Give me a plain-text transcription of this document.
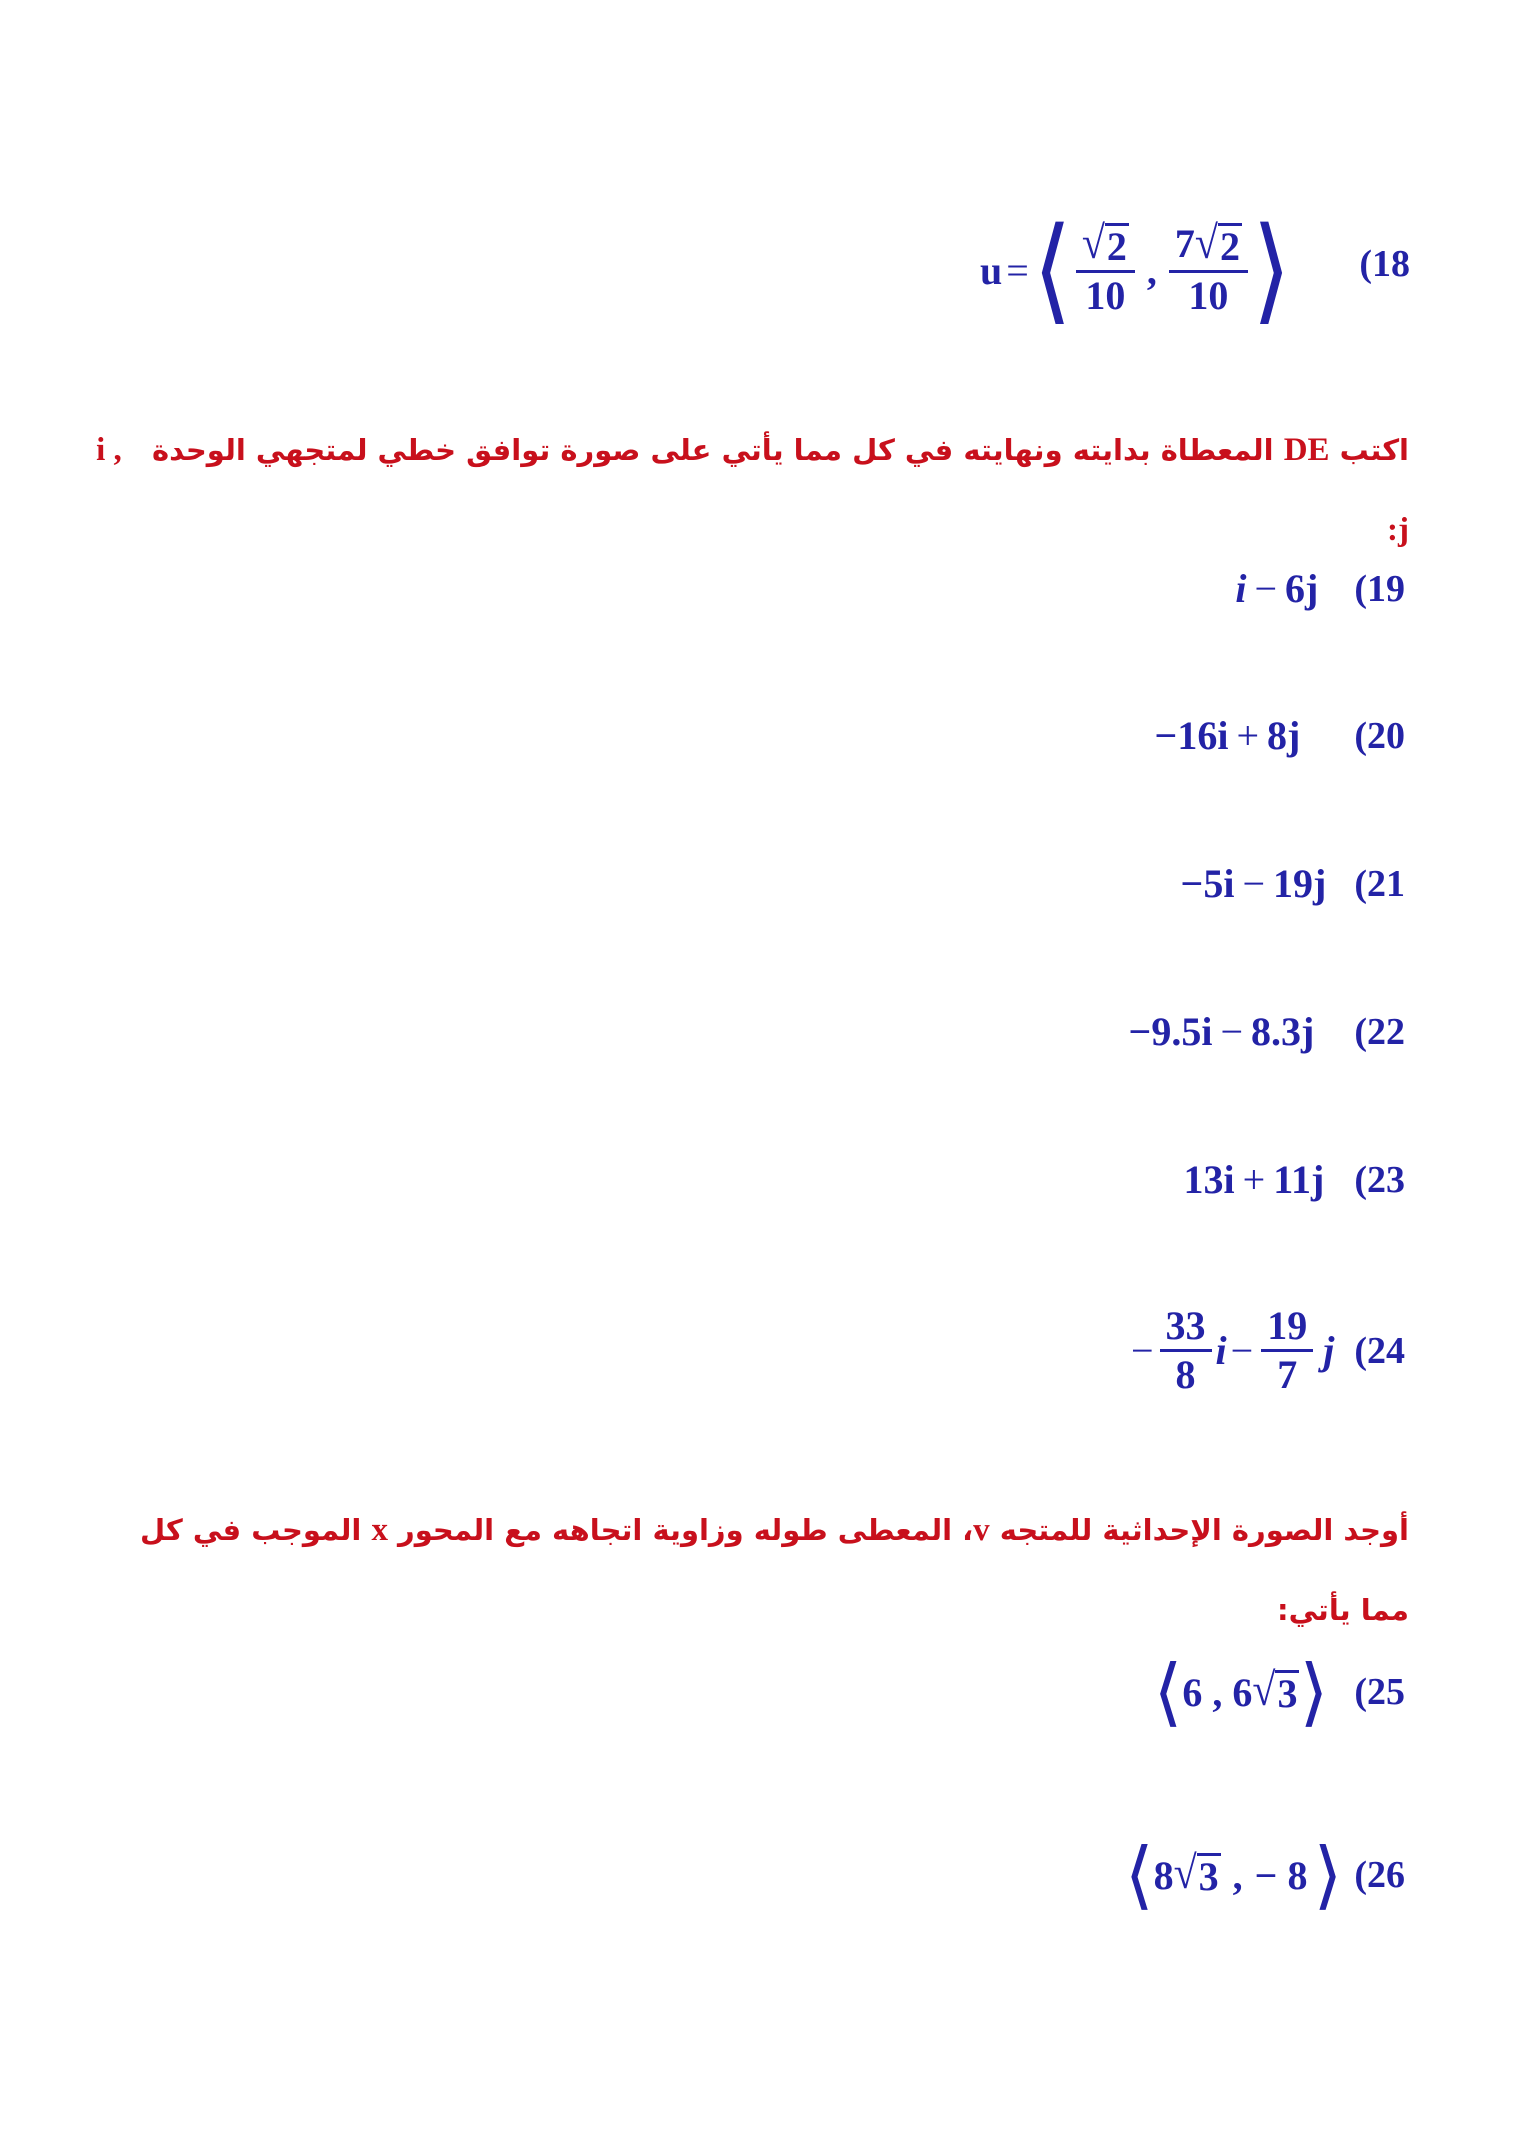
(18
u = ⟨ $\frac{√ 2}{10}$ , $\frac{7 √ 2}{10}$ ⟩
اكتب DE المعطاة بدايته ونهايته في كل مما يأتي على صورة توافق خطي لمتجهي الوحدة   i ,
:j
i − 6j (19
−16i + 8j (20
−5i − 19j (21
−9.5i − 8.3j (22
13i + 11j (23
− $\frac{33}{8}$ $i - \frac{19}{7}$ j (24
أوجد الصورة الإحداثية للمتجه v، المعطى طوله وزاوية اتجاهه مع المحور x الموجب في كل
مما يأتي:
⟨ 6 , 6 √ 3 ⟩ (25
⟨ 8 √ 3 , − 8 ⟩ (26
